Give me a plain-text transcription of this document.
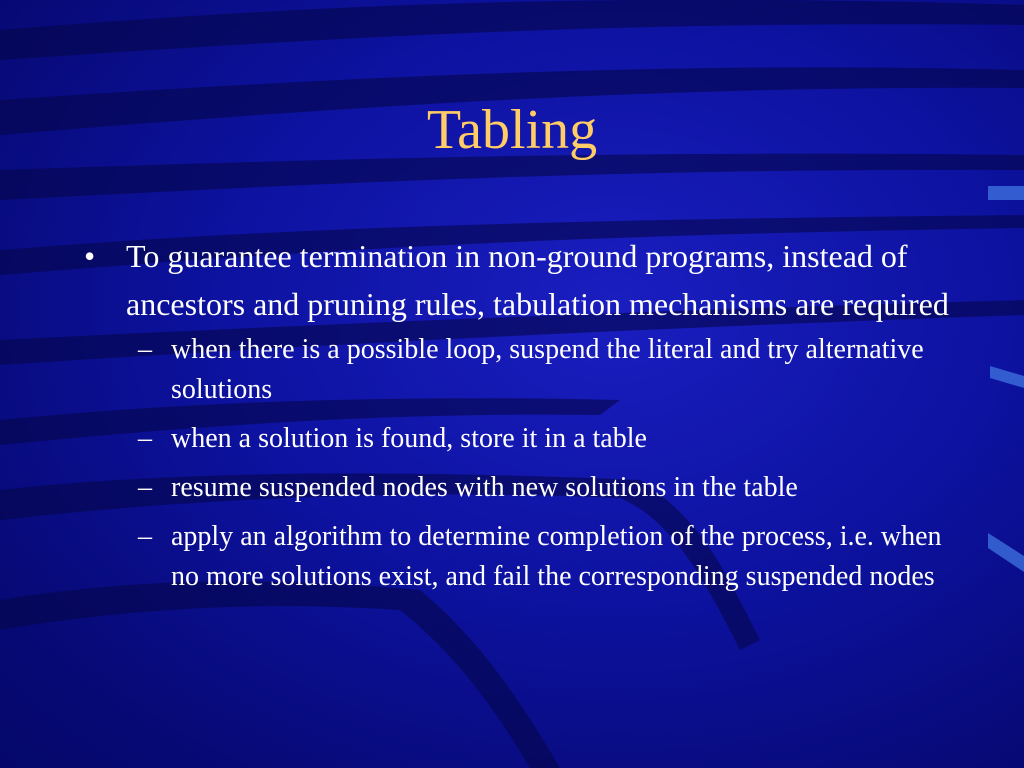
Tabling
• To guarantee termination in non-ground programs, instead of ancestors and pruning rules, tabulation mechanisms are required
– when there is a possible loop, suspend the literal and try alternative solutions
– when a solution is found, store it in a table
– resume suspended nodes with new solutions in the table
– apply an algorithm to determine completion of the process, i.e. when no more solutions exist, and fail the corresponding suspended nodes
